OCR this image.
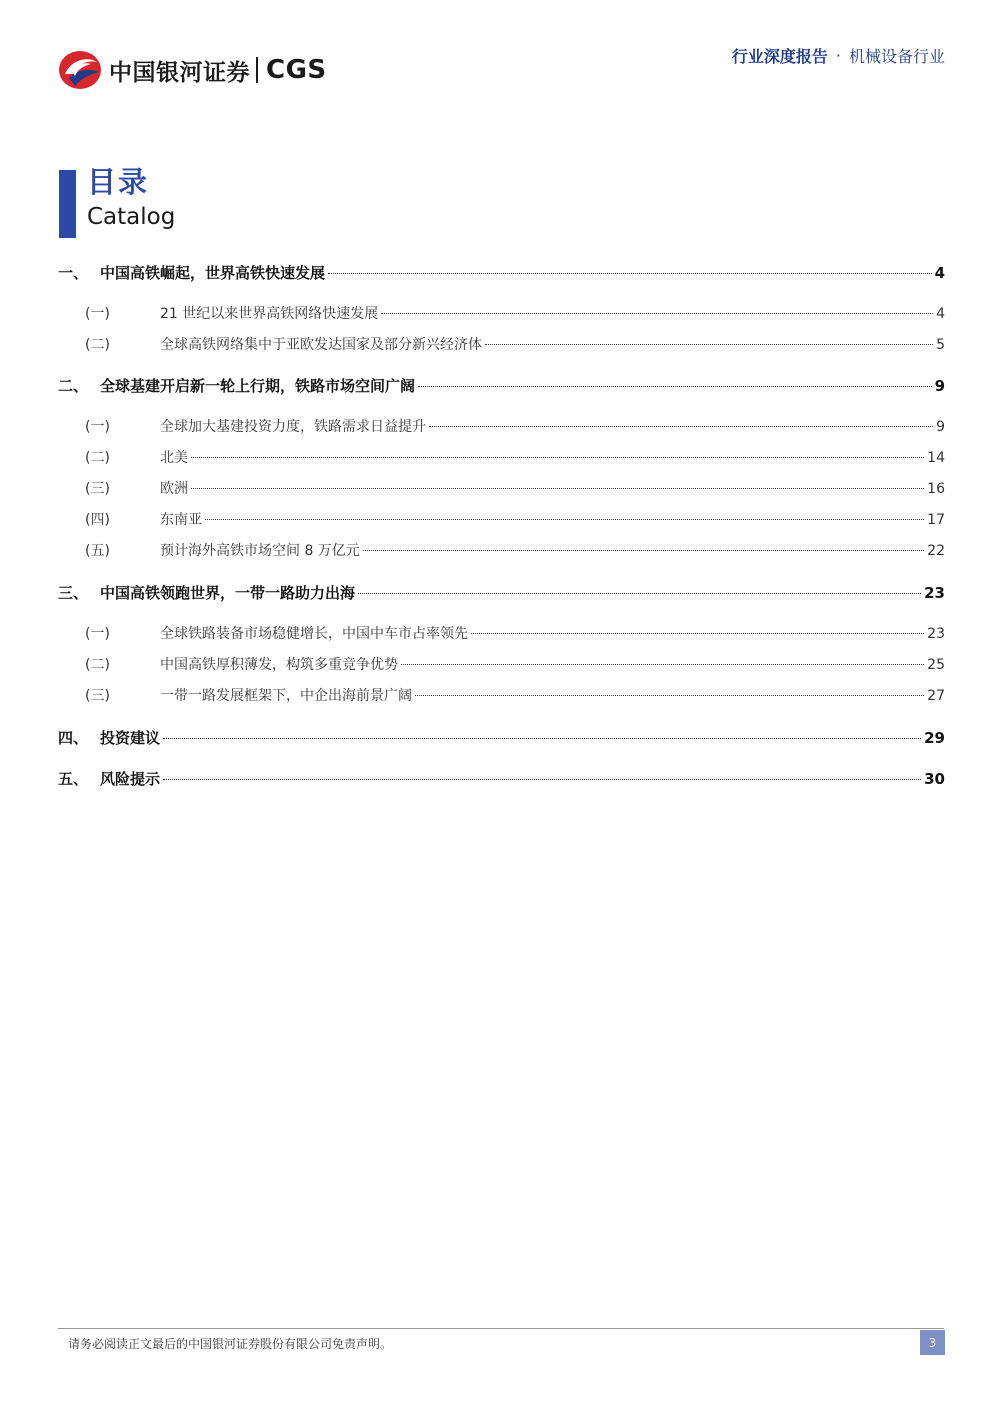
中国银河证券 CGS	行业深度报告 · 机械设备行业
目录
Catalog
一、 中国高铁崛起，世界高铁快速发展	4
(一)	21 世纪以来世界高铁网络快速发展	4
(二)	全球高铁网络集中于亚欧发达国家及部分新兴经济体	5
二、 全球基建开启新一轮上行期，铁路市场空间广阔	9
(一)	全球加大基建投资力度，铁路需求日益提升	9
(二)	北美	14
(三)	欧洲	16
(四)	东南亚	17
(五)	预计海外高铁市场空间 8 万亿元	22
三、 中国高铁领跑世界，一带一路助力出海	23
(一)	全球铁路装备市场稳健增长，中国中车市占率领先	23
(二)	中国高铁厚积薄发，构筑多重竞争优势	25
(三)	一带一路发展框架下，中企出海前景广阔	27
四、 投资建议	29
五、 风险提示	30
请务必阅读正文最后的中国银河证券股份有限公司免责声明。	3
